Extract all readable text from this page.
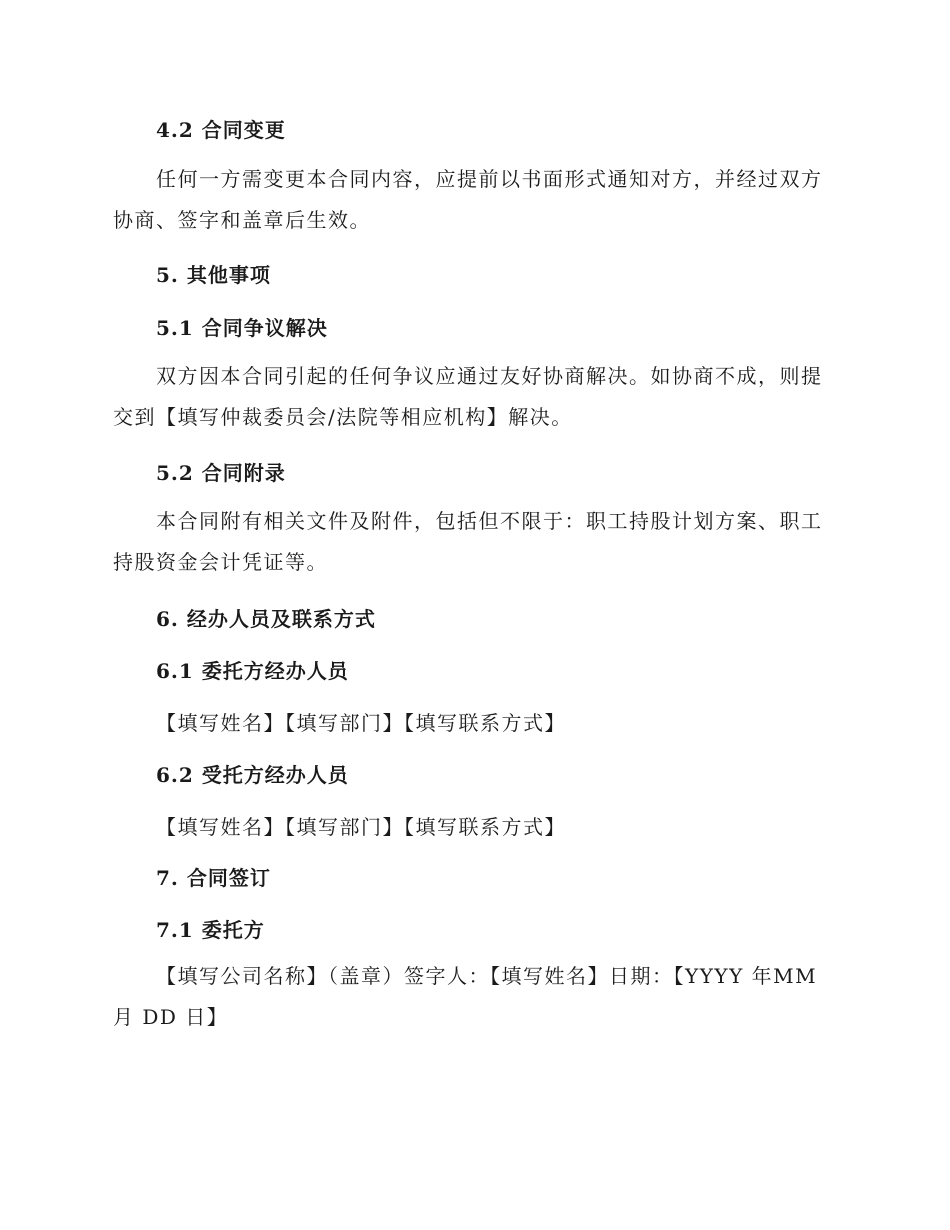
4.2 合同变更
任何一方需变更本合同内容，应提前以书面形式通知对方，并经过双方协商、签字和盖章后生效。
5. 其他事项
5.1 合同争议解决
双方因本合同引起的任何争议应通过友好协商解决。如协商不成，则提交到【填写仲裁委员会/法院等相应机构】解决。
5.2 合同附录
本合同附有相关文件及附件，包括但不限于：职工持股计划方案、职工持股资金会计凭证等。
6. 经办人员及联系方式
6.1 委托方经办人员
【填写姓名】【填写部门】【填写联系方式】
6.2 受托方经办人员
【填写姓名】【填写部门】【填写联系方式】
7. 合同签订
7.1 委托方
【填写公司名称】（盖章）签字人：【填写姓名】日期：【YYYY 年MM 月 DD 日】
